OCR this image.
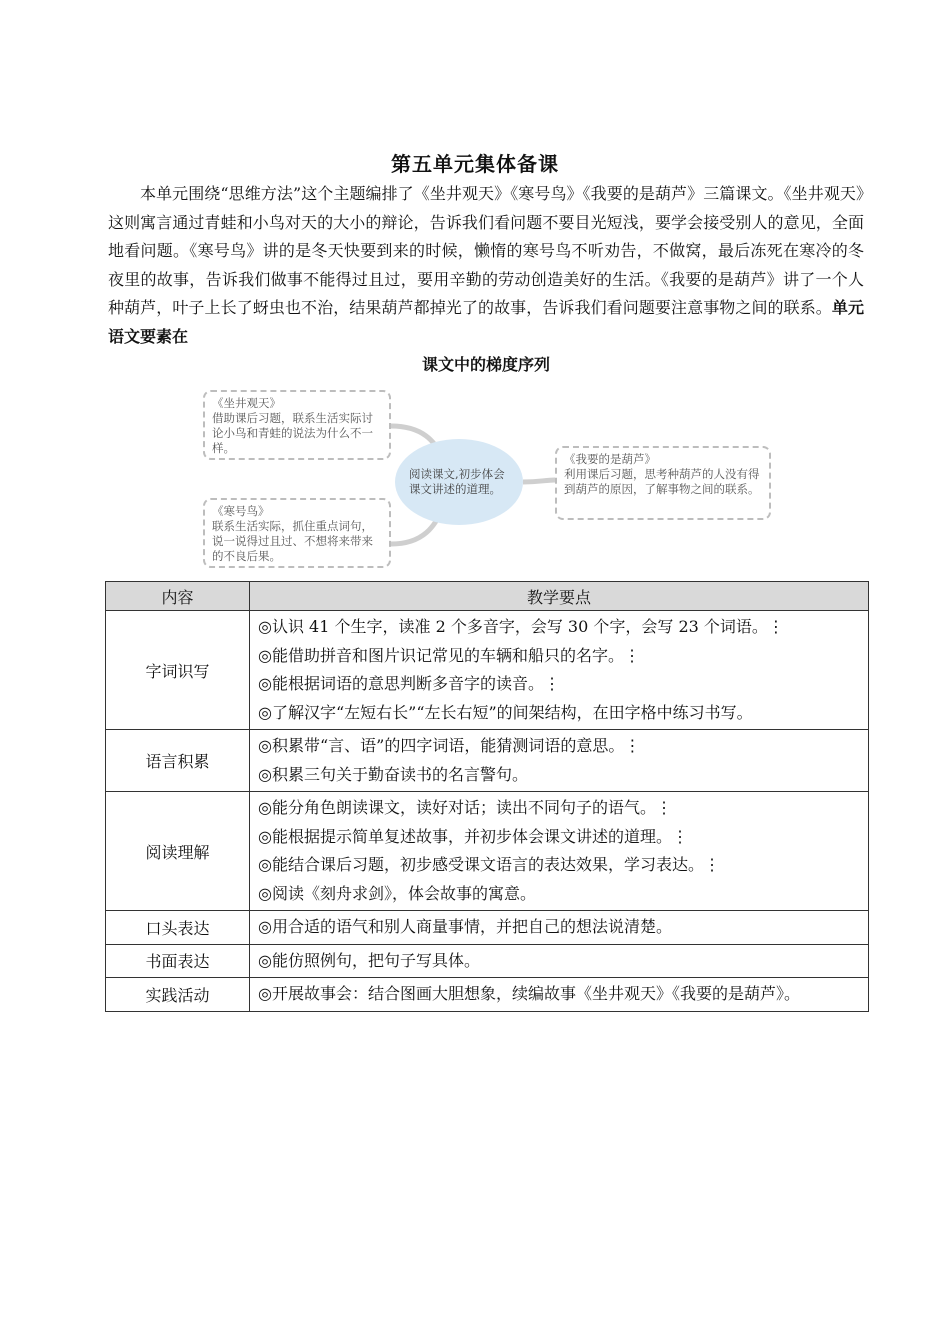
第五单元集体备课

本单元围绕“思维方法”这个主题编排了《坐井观天》《寒号鸟》《我要的是葫芦》三篇课文。《坐井观天》这则寓言通过青蛙和小鸟对天的大小的辩论，告诉我们看问题不要目光短浅，要学会接受别人的意见，全面地看问题。《寒号鸟》讲的是冬天快要到来的时候，懒惰的寒号鸟不听劝告，不做窝，最后冻死在寒冷的冬夜里的故事，告诉我们做事不能得过且过，要用辛勤的劳动创造美好的生活。《我要的是葫芦》讲了一个人种葫芦，叶子上长了蚜虫也不治，结果葫芦都掉光了的故事，告诉我们看问题要注意事物之间的联系。单元语文要素在
课文中的梯度序列

《坐井观天》
借助课后习题，联系生活实际讨论小鸟和青蛙的说法为什么不一样。
《寒号鸟》
联系生活实际，抓住重点词句，说一说得过且过、不想将来带来的不良后果。
阅读课文,初步体会课文讲述的道理。
《我要的是葫芦》
利用课后习题，思考种葫芦的人没有得到葫芦的原因，了解事物之间的联系。
内容	教学要点
字词识写	◎认识 41 个生字，读准 2 个多音字，会写 30 个字，会写 23 个词语。⋮
◎能借助拼音和图片识记常见的车辆和船只的名字。⋮
◎能根据词语的意思判断多音字的读音。⋮
◎了解汉字“左短右长”“左长右短”的间架结构，在田字格中练习书写。

语言积累	◎积累带“言、语”的四字词语，能猜测词语的意思。⋮
◎积累三句关于勤奋读书的名言警句。

阅读理解	◎能分角色朗读课文，读好对话；读出不同句子的语气。⋮
◎能根据提示简单复述故事，并初步体会课文讲述的道理。⋮
◎能结合课后习题，初步感受课文语言的表达效果，学习表达。⋮
◎阅读《刻舟求剑》，体会故事的寓意。

口头表达	◎用合适的语气和别人商量事情，并把自己的想法说清楚。

书面表达	◎能仿照例句，把句子写具体。

实践活动	◎开展故事会：结合图画大胆想象，续编故事《坐井观天》《我要的是葫芦》。
